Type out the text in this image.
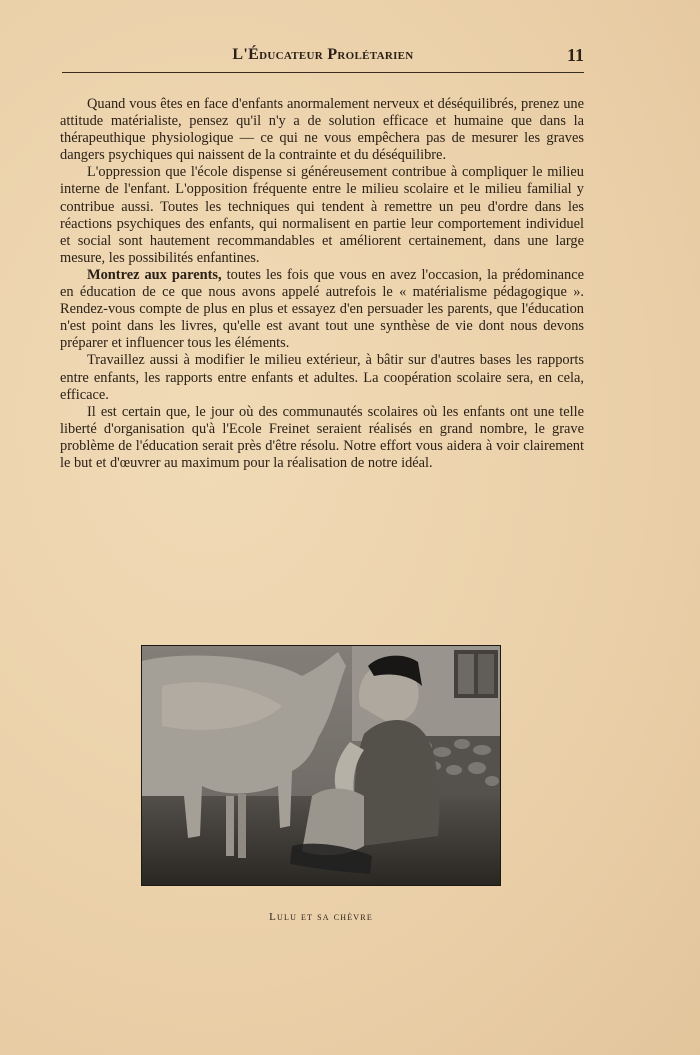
L'Éducateur Prolétarien	11

Quand vous êtes en face d'enfants anormalement nerveux et déséquilibrés, prenez une attitude matérialiste, pensez qu'il n'y a de solution efficace et humaine que dans la thérapeuthique physiologique — ce qui ne vous empêchera pas de mesurer les graves dangers psychiques qui naissent de la contrainte et du déséquilibre.

L'oppression que l'école dispense si généreusement contribue à compliquer le milieu interne de l'enfant. L'opposition fréquente entre le milieu scolaire et le milieu familial y contribue aussi. Toutes les techniques qui tendent à remettre un peu d'ordre dans les réactions psychiques des enfants, qui normalisent en partie leur comportement individuel et social sont hautement recommandables et améliorent certainement, dans une large mesure, les possibilités enfantines.

Montrez aux parents, toutes les fois que vous en avez l'occasion, la prédominance en éducation de ce que nous avons appelé autrefois le « matérialisme pédagogique ». Rendez-vous compte de plus en plus et essayez d'en persuader les parents, que l'éducation n'est point dans les livres, qu'elle est avant tout une synthèse de vie dont nous devons préparer et influencer tous les éléments.

Travaillez aussi à modifier le milieu extérieur, à bâtir sur d'autres bases les rapports entre enfants, les rapports entre enfants et adultes. La coopération scolaire sera, en cela, efficace.

Il est certain que, le jour où des communautés scolaires où les enfants ont une telle liberté d'organisation qu'à l'Ecole Freinet seraient réalisés en grand nombre, le grave problème de l'éducation serait près d'être résolu. Notre effort vous aidera à voir clairement le but et d'œuvrer au maximum pour la réalisation de notre idéal.

Lulu et sa chèvre
